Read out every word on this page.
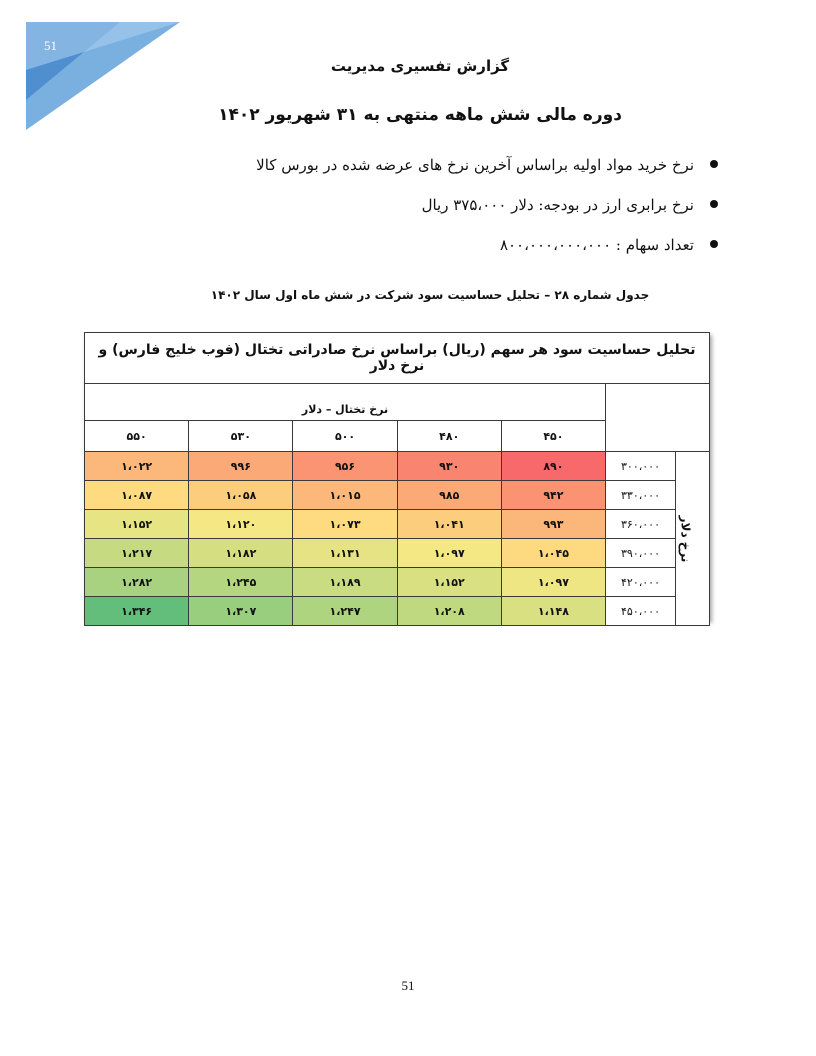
51
گزارش تفسیری مدیریت
دوره مالی شش ماهه منتهی به ۳۱ شهریور ۱۴۰۲
نرخ خرید مواد اولیه براساس آخرین نرخ های عرضه شده در بورس کالا
نرخ برابری ارز در بودجه: دلار ۳۷۵،۰۰۰ ریال
تعداد سهام : ۸۰۰،۰۰۰،۰۰۰،۰۰۰
جدول شماره ۲۸ – تحلیل حساسیت سود شرکت در شش ماه اول سال ۱۴۰۲
تحلیل حساسیت سود هر سهم (ریال) براساس نرخ صادراتی تختال (فوب خلیج فارس) و نرخ دلار						
		نرخ تختال – دلار				
		۴۵۰	۴۸۰	۵۰۰	۵۳۰	۵۵۰
نرخ دلار	۳۰۰،۰۰۰	۸۹۰	۹۳۰	۹۵۶	۹۹۶	۱،۰۲۲
	۳۳۰،۰۰۰	۹۴۲	۹۸۵	۱،۰۱۵	۱،۰۵۸	۱،۰۸۷
	۳۶۰،۰۰۰	۹۹۳	۱،۰۴۱	۱،۰۷۳	۱،۱۲۰	۱،۱۵۲
	۳۹۰،۰۰۰	۱،۰۴۵	۱،۰۹۷	۱،۱۳۱	۱،۱۸۲	۱،۲۱۷
	۴۲۰،۰۰۰	۱،۰۹۷	۱،۱۵۲	۱،۱۸۹	۱،۲۴۵	۱،۲۸۲
	۴۵۰،۰۰۰	۱،۱۴۸	۱،۲۰۸	۱،۲۴۷	۱،۳۰۷	۱،۳۴۶
51
